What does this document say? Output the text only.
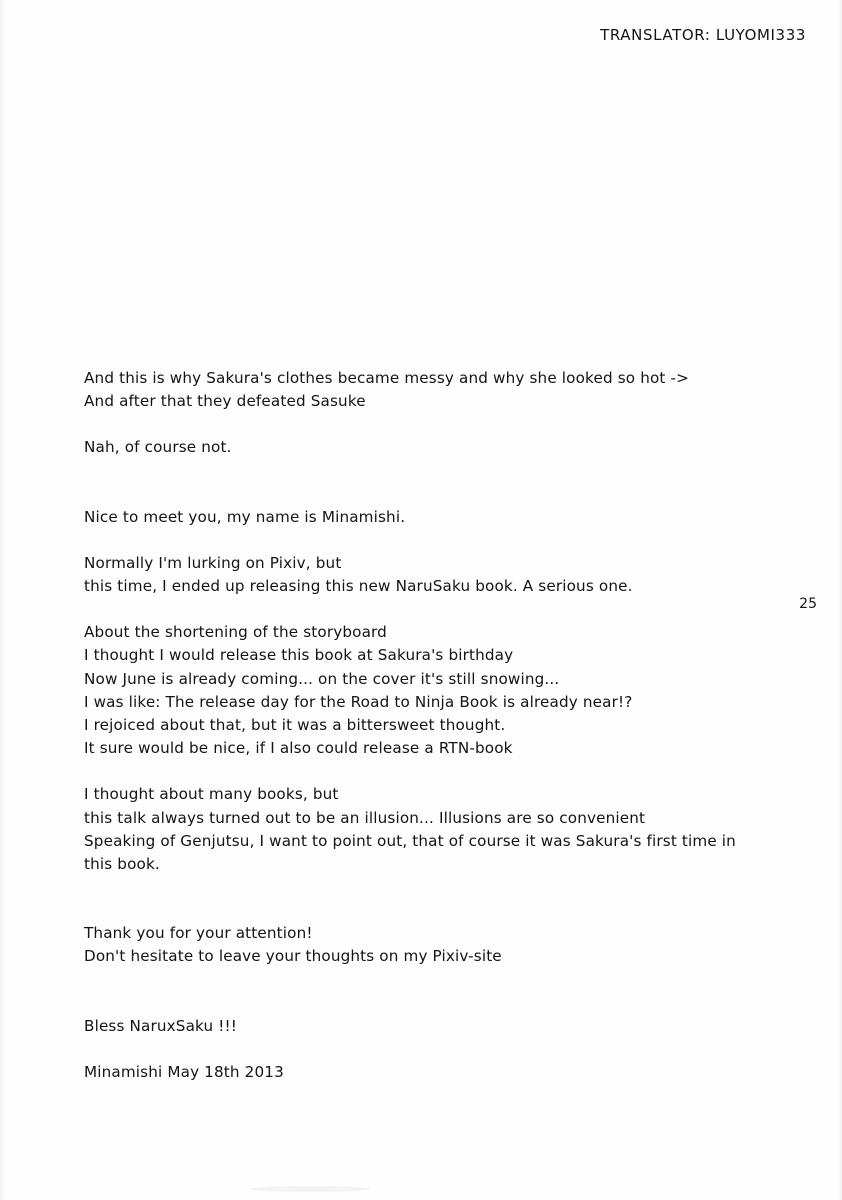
TRANSLATOR: LUYOMI333
25

And this is why Sakura's clothes became messy and why she looked so hot ->

And after that they defeated Sasuke

Nah, of course not.

Nice to meet you, my name is Minamishi.

Normally I'm lurking on Pixiv, but

this time, I ended up releasing this new NaruSaku book. A serious one.

About the shortening of the storyboard

I thought I would release this book at Sakura's birthday

Now June is already coming... on the cover it's still snowing...

I was like: The release day for the Road to Ninja Book is already near!?

I rejoiced about that, but it was a bittersweet thought.

It sure would be nice, if I also could release a RTN-book

I thought about many books, but

this talk always turned out to be an illusion... Illusions are so convenient

Speaking of Genjutsu, I want to point out, that of course it was Sakura's first time in

this book.

Thank you for your attention!

Don't hesitate to leave your thoughts on my Pixiv-site

Bless NaruxSaku !!!

Minamishi May 18th 2013
